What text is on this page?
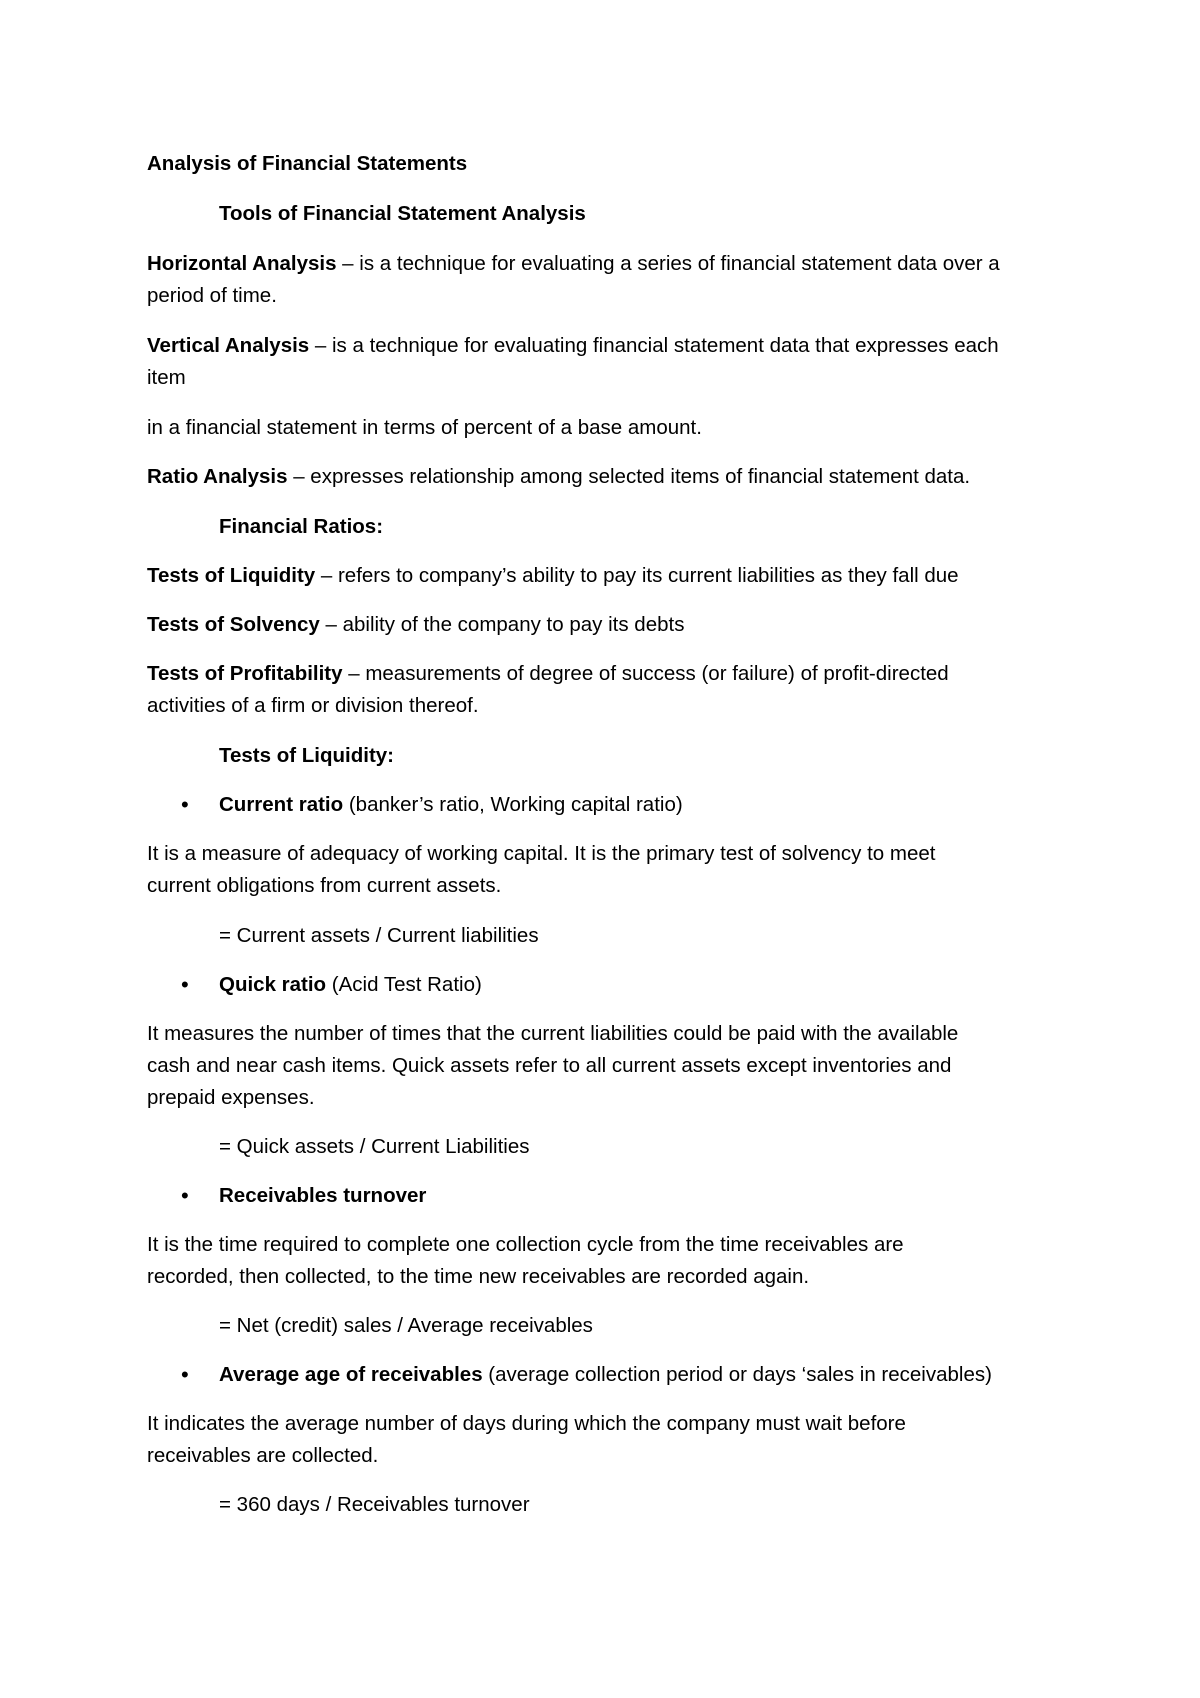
Analysis of Financial Statements
Tools of Financial Statement Analysis
Horizontal Analysis – is a technique for evaluating a series of financial statement data over a
period of time.
Vertical Analysis – is a technique for evaluating financial statement data that expresses each
item
in a financial statement in terms of percent of a base amount.
Ratio Analysis – expresses relationship among selected items of financial statement data.
Financial Ratios:
Tests of Liquidity – refers to company’s ability to pay its current liabilities as they fall due
Tests of Solvency – ability of the company to pay its debts
Tests of Profitability – measurements of degree of success (or failure) of profit-directed
activities of a firm or division thereof.
Tests of Liquidity:
• Current ratio (banker’s ratio, Working capital ratio)
It is a measure of adequacy of working capital. It is the primary test of solvency to meet
current obligations from current assets.
= Current assets / Current liabilities
• Quick ratio (Acid Test Ratio)
It measures the number of times that the current liabilities could be paid with the available
cash and near cash items. Quick assets refer to all current assets except inventories and
prepaid expenses.
= Quick assets / Current Liabilities
• Receivables turnover
It is the time required to complete one collection cycle from the time receivables are
recorded, then collected, to the time new receivables are recorded again.
= Net (credit) sales / Average receivables
• Average age of receivables (average collection period or days ‘sales in receivables)
It indicates the average number of days during which the company must wait before
receivables are collected.
= 360 days / Receivables turnover
